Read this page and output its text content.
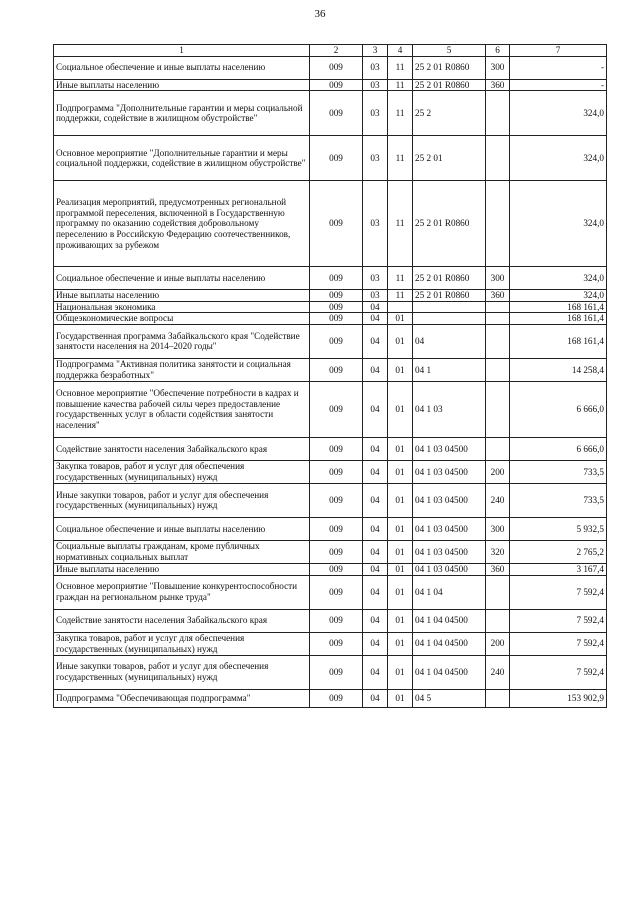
36
1	2	3	4	5	6	7
Социальное обеспечение и иные выплаты населению	009	03	11	25 2 01 R0860	300	-
Иные выплаты населению	009	03	11	25 2 01 R0860	360	-
Подпрограмма "Дополнительные гарантии и меры социальной поддержки, содействие в жилищном обустройстве"	009	03	11	25 2		324,0
Основное мероприятие "Дополнительные гарантии и меры социальной поддержки, содействие в жилищном обустройстве"	009	03	11	25 2 01		324,0
Реализация мероприятий, предусмотренных региональной программой переселения, включенной в Государственную программу по оказанию содействия добровольному переселению в Российскую Федерацию соотечественников, проживающих за рубежом	009	03	11	25 2 01 R0860		324,0
Социальное обеспечение и иные выплаты населению	009	03	11	25 2 01 R0860	300	324,0
Иные выплаты населению	009	03	11	25 2 01 R0860	360	324,0
Национальная экономика	009	04				168 161,4
Общеэкономические вопросы	009	04	01			168 161,4
Государственная программа Забайкальского края "Содействие занятости населения на 2014–2020 годы"	009	04	01	04		168 161,4
Подпрограмма "Активная политика занятости и социальная поддержка безработных"	009	04	01	04 1		14 258,4
Основное мероприятие "Обеспечение потребности в кадрах и повышение качества рабочей силы через предоставление государственных услуг в области содействия занятости населения"	009	04	01	04 1 03		6 666,0
Содействие занятости населения Забайкальского края	009	04	01	04 1 03 04500		6 666,0
Закупка товаров, работ и услуг для обеспечения государственных (муниципальных) нужд	009	04	01	04 1 03 04500	200	733,5
Иные закупки товаров, работ и услуг для обеспечения государственных (муниципальных) нужд	009	04	01	04 1 03 04500	240	733,5
Социальное обеспечение и иные выплаты населению	009	04	01	04 1 03 04500	300	5 932,5
Социальные выплаты гражданам, кроме публичных нормативных социальных выплат	009	04	01	04 1 03 04500	320	2 765,2
Иные выплаты населению	009	04	01	04 1 03 04500	360	3 167,4
Основное мероприятие "Повышение конкурентоспособности граждан на региональном рынке труда"	009	04	01	04 1 04		7 592,4
Содействие занятости населения Забайкальского края	009	04	01	04 1 04 04500		7 592,4
Закупка товаров, работ и услуг для обеспечения государственных (муниципальных) нужд	009	04	01	04 1 04 04500	200	7 592,4
Иные закупки товаров, работ и услуг для обеспечения государственных (муниципальных) нужд	009	04	01	04 1 04 04500	240	7 592,4
Подпрограмма "Обеспечивающая подпрограмма"	009	04	01	04 5		153 902,9
